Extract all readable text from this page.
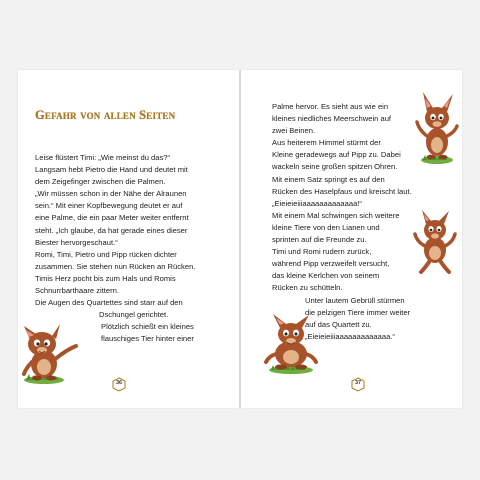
Gefahr von allen Seiten
Leise flüstert Timi: „Wie meinst du das?“
Langsam hebt Pietro die Hand und deutet mit
dem Zeigefinger zwischen die Palmen.
„Wir müssen schon in der Nähe der Alraunen
sein.“ Mit einer Kopfbewegung deutet er auf
eine Palme, die ein paar Meter weiter entfernt
steht. „Ich glaube, da hat gerade eines dieser
Biester hervorgeschaut.“
Romi, Timi, Pietro und Pipp rücken dichter
zusammen. Sie stehen nun Rücken an Rücken.
Timis Herz pocht bis zum Hals und Romis
Schnurrbarthaare zittern.
Die Augen des Quartettes sind starr auf den
Dschungel gerichtet.
Plötzlich schießt ein kleines
flauschiges Tier hinter einer
36
Palme hervor. Es sieht aus wie ein
kleines niedliches Meerschwein auf
zwei Beinen.
Aus heiterem Himmel stürmt der
Kleine geradewegs auf Pipp zu. Dabei
wackeln seine großen spitzen Ohren.
Mit einem Satz springt es auf den
Rücken des Haselpfaus und kreischt laut.
„Eieieieiiiaaaaaaaaaaaaa!“
Mit einem Mal schwingen sich weitere
kleine Tiere von den Lianen und
sprinten auf die Freunde zu.
Timi und Romi rudern zurück,
während Pipp verzweifelt versucht,
das kleine Kerlchen von seinem
Rücken zu schütteln.
Unter lautem Gebrüll stürmen
die pelzigen Tiere immer weiter
auf das Quartett zu.
„Eieieieiiiaaaaaaaaaaaaa.“
37
